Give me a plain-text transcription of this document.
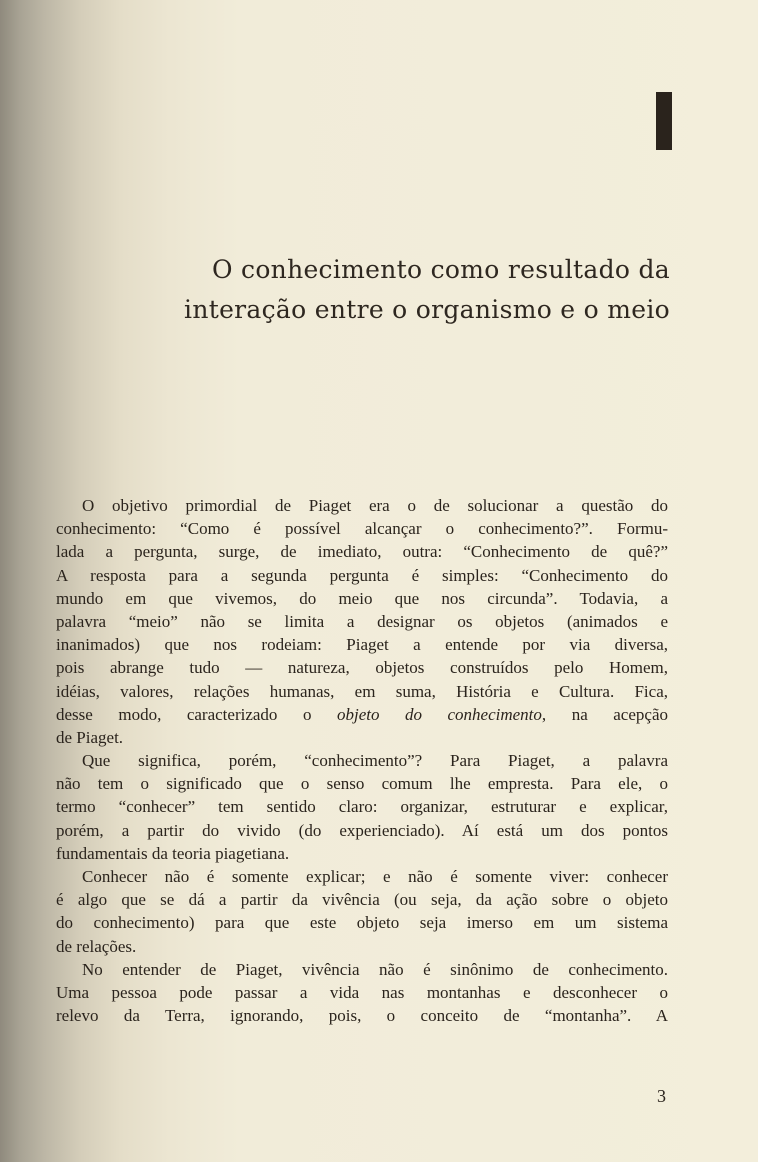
O conhecimento como resultado da
interação entre o organismo e o meio
O objetivo primordial de Piaget era o de solucionar a questão do
conhecimento: “Como é possível alcançar o conhecimento?”. Formu-
lada a pergunta, surge, de imediato, outra: “Conhecimento de quê?”
A resposta para a segunda pergunta é simples: “Conhecimento do
mundo em que vivemos, do meio que nos circunda”. Todavia, a
palavra “meio” não se limita a designar os objetos (animados e
inanimados) que nos rodeiam: Piaget a entende por via diversa,
pois abrange tudo — natureza, objetos construídos pelo Homem,
idéias, valores, relações humanas, em suma, História e Cultura. Fica,
desse modo, caracterizado o objeto do conhecimento, na acepção
de Piaget.
Que significa, porém, “conhecimento”? Para Piaget, a palavra
não tem o significado que o senso comum lhe empresta. Para ele, o
termo “conhecer” tem sentido claro: organizar, estruturar e explicar,
porém, a partir do vivido (do experienciado). Aí está um dos pontos
fundamentais da teoria piagetiana.
Conhecer não é somente explicar; e não é somente viver: conhecer
é algo que se dá a partir da vivência (ou seja, da ação sobre o objeto
do conhecimento) para que este objeto seja imerso em um sistema
de relações.
No entender de Piaget, vivência não é sinônimo de conhecimento.
Uma pessoa pode passar a vida nas montanhas e desconhecer o
relevo da Terra, ignorando, pois, o conceito de “montanha”. A
3
